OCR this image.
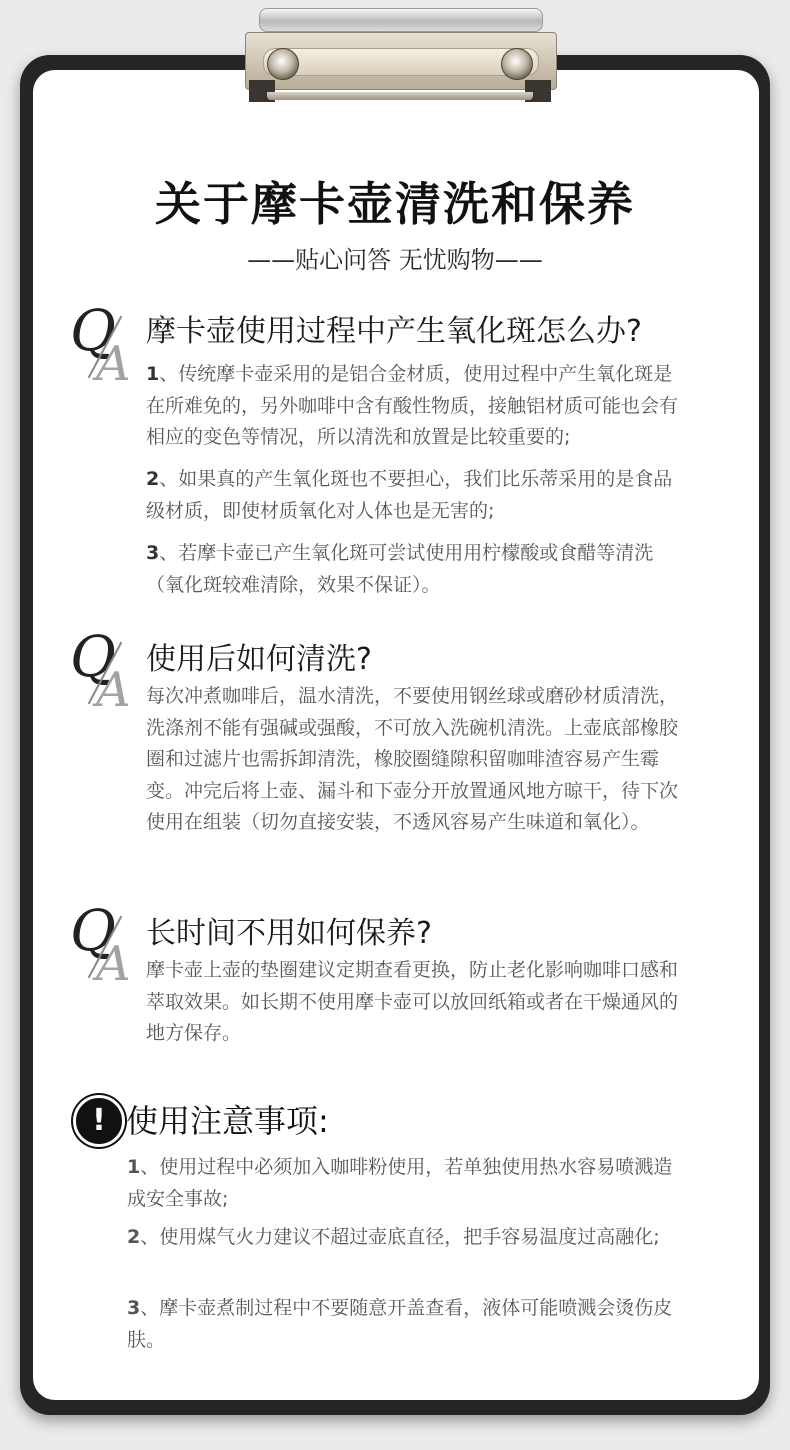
关于摩卡壶清洗和保养
——贴心问答 无忧购物——
Q
A
摩卡壶使用过程中产生氧化斑怎么办?
1、传统摩卡壶采用的是铝合金材质，使用过程中产生氧化斑是在所难免的，另外咖啡中含有酸性物质，接触铝材质可能也会有相应的变色等情况，所以清洗和放置是比较重要的;
2、如果真的产生氧化斑也不要担心，我们比乐蒂采用的是食品级材质，即使材质氧化对人体也是无害的;
3、若摩卡壶已产生氧化斑可尝试使用用柠檬酸或食醋等清洗（氧化斑较难清除，效果不保证）。
Q
A
使用后如何清洗?
每次冲煮咖啡后，温水清洗，不要使用钢丝球或磨砂材质清洗，洗涤剂不能有强碱或强酸，不可放入洗碗机清洗。上壶底部橡胶圈和过滤片也需拆卸清洗，橡胶圈缝隙积留咖啡渣容易产生霉变。冲完后将上壶、漏斗和下壶分开放置通风地方晾干，待下次使用在组装（切勿直接安装，不透风容易产生味道和氧化）。
Q
A
长时间不用如何保养?
摩卡壶上壶的垫圈建议定期查看更换，防止老化影响咖啡口感和萃取效果。如长期不使用摩卡壶可以放回纸箱或者在干燥通风的地方保存。
! 使用注意事项:
1、使用过程中必须加入咖啡粉使用，若单独使用热水容易喷溅造成安全事故;
2、使用煤气火力建议不超过壶底直径，把手容易温度过高融化;
3、摩卡壶煮制过程中不要随意开盖查看，液体可能喷溅会烫伤皮肤。
